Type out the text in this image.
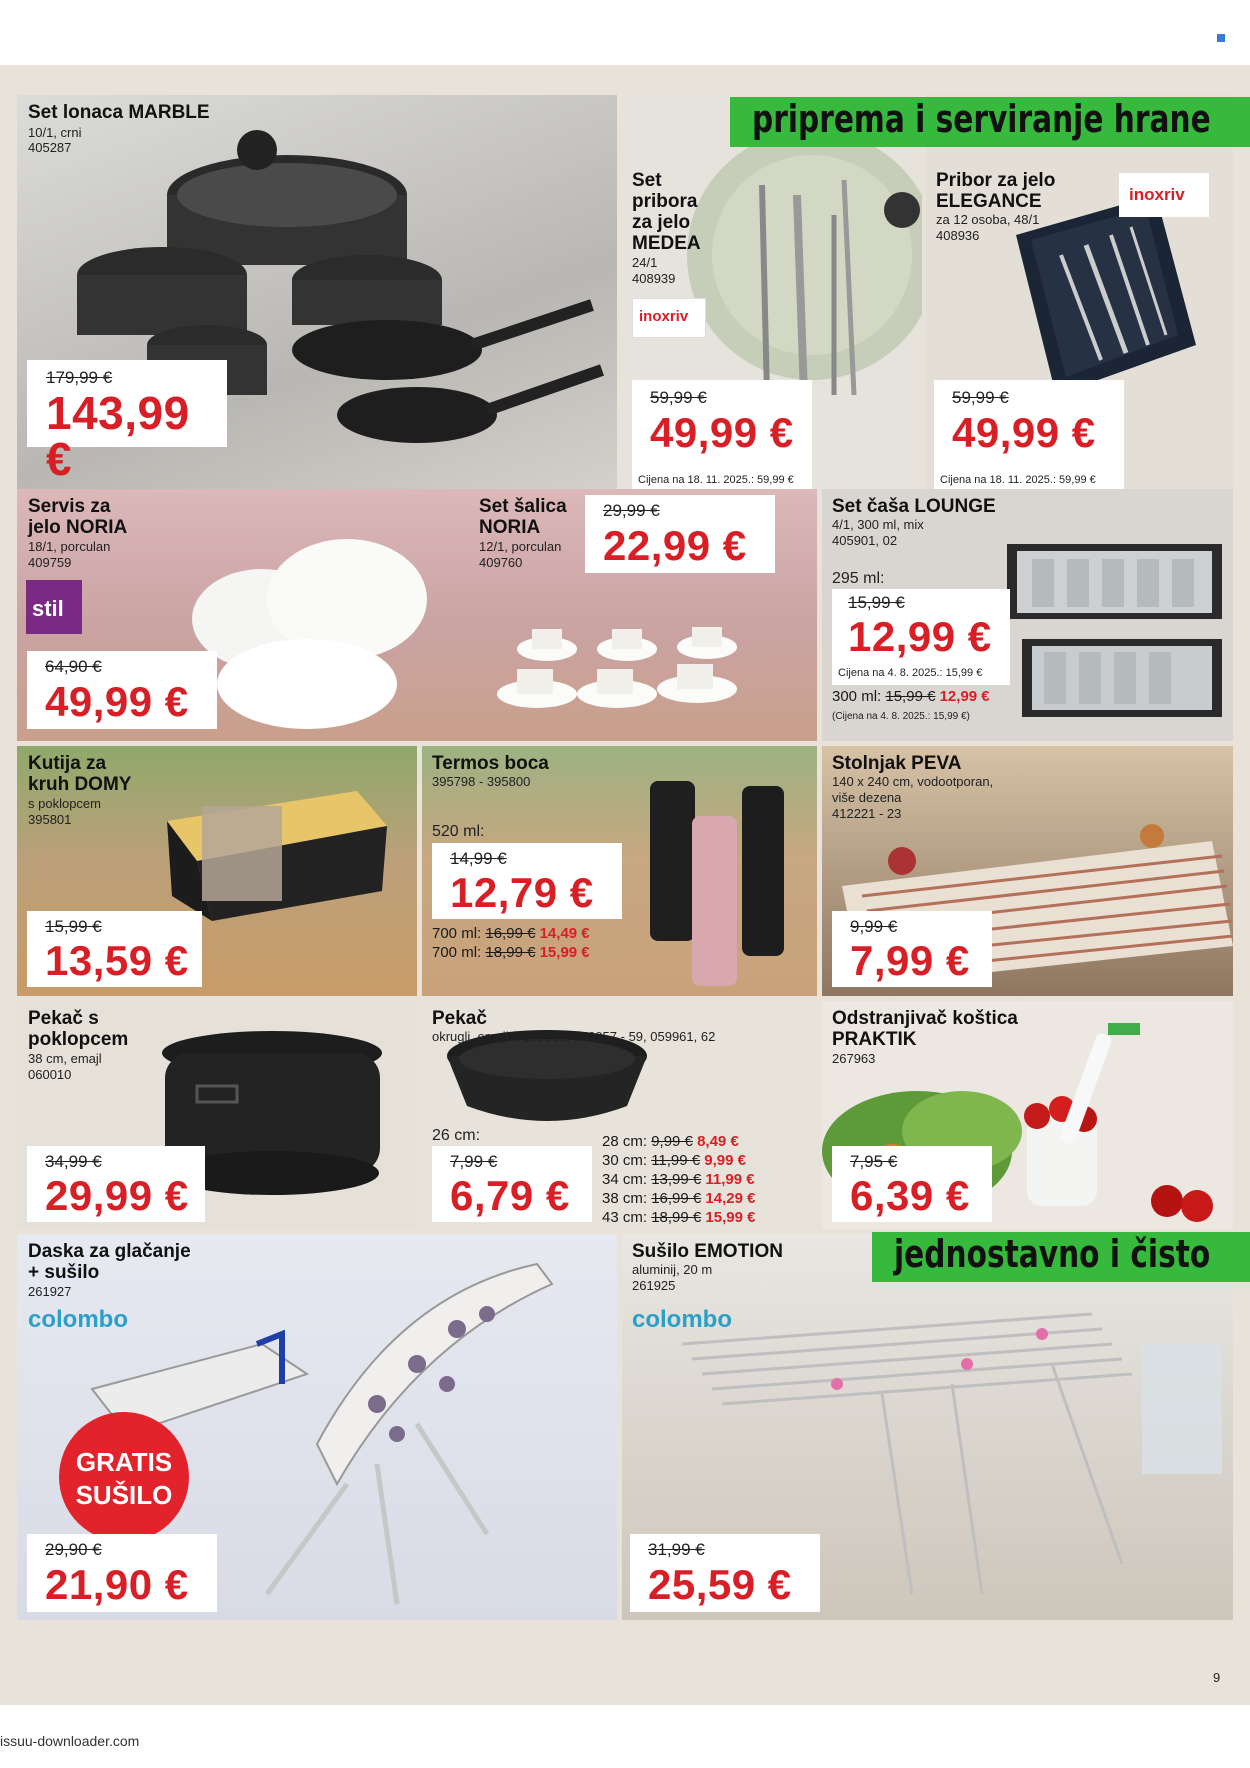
Set lonaca MARBLE
10/1, crni
405287
179,99 €
143,99 €
Set
pribora
za jelo
MEDEA
24/1
408939
inoxriv
59,99 €
49,99 €
Cijena na 18. 11. 2025.: 59,99 €
Pribor za jelo
ELEGANCE
za 12 osoba, 48/1
408936
inoxriv
59,99 €
49,99 €
Cijena na 18. 11. 2025.: 59,99 €
priprema i serviranje hrane
Servis za
jelo NORIA
18/1, porculan
409759
stil
64,90 €
49,99 €
Set šalica
NORIA
12/1, porculan
409760
29,99 €
22,99 €
Set čaša LOUNGE
4/1, 300 ml, mix
405901, 02
295 ml:
15,99 €
12,99 €
Cijena na 4. 8. 2025.: 15,99 €
300 ml: 15,99 € 12,99 €
(Cijena na 4. 8. 2025.: 15,99 €)
Kutija za
kruh DOMY
s poklopcem
395801
15,99 €
13,59 €
Termos boca
395798 - 395800
520 ml:
14,99 €
12,79 €
700 ml: 16,99 € 14,49 €
700 ml: 18,99 € 15,99 €
Stolnjak PEVA
140 x 240 cm, vodootporan,
više dezena
412221 - 23
9,99 €
7,99 €
Pekač s
poklopcem
38 cm, emajl
060010
34,99 €
29,99 €
Pekač
okrugli, emajl // 059955, 059957 - 59, 059961, 62
26 cm:
7,99 €
6,79 €
28 cm: 9,99 € 8,49 €
30 cm: 11,99 € 9,99 €
34 cm: 13,99 € 11,99 €
38 cm: 16,99 € 14,29 €
43 cm: 18,99 € 15,99 €
Odstranjivač koštica
PRAKTIK
267963
7,95 €
6,39 €
Daska za glačanje
+ sušilo
261927
colombo
GRATIS
SUŠILO
29,90 €
21,90 €
Sušilo EMOTION
aluminij, 20 m
261925
colombo
31,99 €
25,59 €
jednostavno i čisto
9
issuu-downloader.com
